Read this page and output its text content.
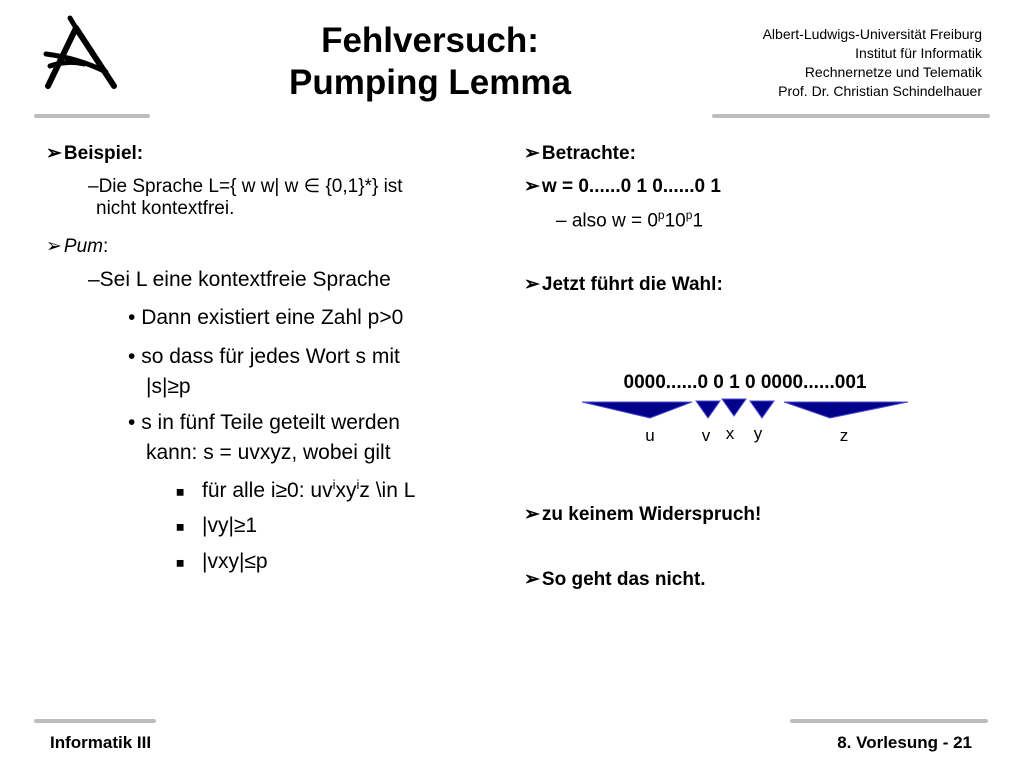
Fehlversuch:
Pumping Lemma
Albert-Ludwigs-Universität Freiburg
Institut für Informatik
Rechnernetze und Telematik
Prof. Dr. Christian Schindelhauer
➢ Beispiel:
–Die Sprache L={ w w| w ∈ {0,1}*} ist
nicht kontextfrei.
➢ Pum:
–Sei L eine kontextfreie Sprache
• Dann existiert eine Zahl p>0
• so dass für jedes Wort s mit
|s|≥p
• s in fünf Teile geteilt werden
kann: s = uvxyz, wobei gilt
■ für alle i≥0: $uv^ixy^iz$ \in L
■ |vy|≥1
■ |vxy|≤p
➢ Betrachte:
➢ w = 0......0 1 0......0 1
– also $w = 0^p10^p1$
➢ Jetzt führt die Wahl:
0000......0 0 1 0 0000......001
u	v x y	z
➢ zu keinem Widerspruch!
➢ So geht das nicht.
Informatik III	8. Vorlesung - 21
